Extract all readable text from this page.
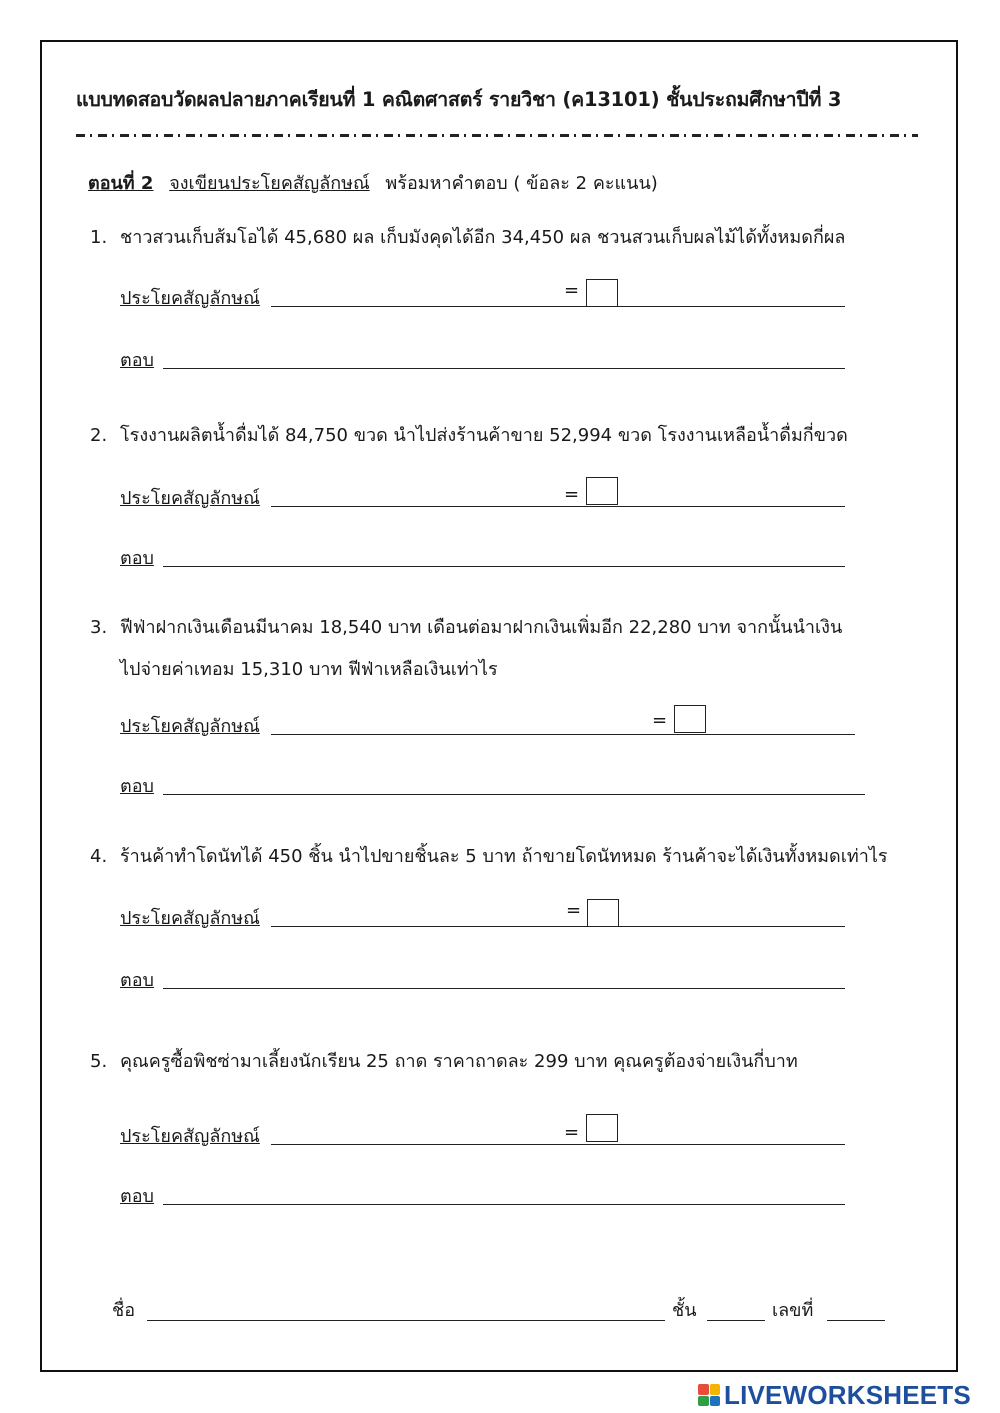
แบบทดสอบวัดผลปลายภาคเรียนที่ 1 คณิตศาสตร์ รายวิชา (ค13101) ชั้นประถมศึกษาปีที่ 3
ตอนที่ 2 จงเขียนประโยคสัญลักษณ์ พร้อมหาคำตอบ ( ข้อละ 2 คะแนน)
1. ชาวสวนเก็บส้มโอได้ 45,680 ผล เก็บมังคุดได้อีก 34,450 ผล ชวนสวนเก็บผลไม้ได้ทั้งหมดกี่ผล
ประโยคสัญลักษณ์	=
ตอบ
2. โรงงานผลิตน้ำดื่มได้ 84,750 ขวด นำไปส่งร้านค้าขาย 52,994 ขวด โรงงานเหลือน้ำดื่มกี่ขวด
ประโยคสัญลักษณ์	=
ตอบ
3. ฟีฟ่าฝากเงินเดือนมีนาคม 18,540 บาท เดือนต่อมาฝากเงินเพิ่มอีก 22,280 บาท จากนั้นนำเงิน
ไปจ่ายค่าเทอม 15,310 บาท ฟีฟ่าเหลือเงินเท่าไร
ประโยคสัญลักษณ์	=
ตอบ
4. ร้านค้าทำโดนัทได้ 450 ชิ้น นำไปขายชิ้นละ 5 บาท ถ้าขายโดนัทหมด ร้านค้าจะได้เงินทั้งหมดเท่าไร
ประโยคสัญลักษณ์	=
ตอบ
5. คุณครูซื้อพิชซ่ามาเลี้ยงนักเรียน 25 ถาด ราคาถาดละ 299 บาท คุณครูต้องจ่ายเงินกี่บาท
ประโยคสัญลักษณ์	=
ตอบ
ชื่อ	ชั้น	เลขที่
LIVEWORKSHEETS
